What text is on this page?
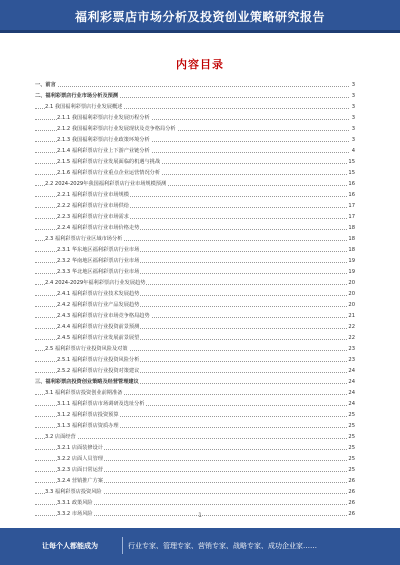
福利彩票店市场分析及投资创业策略研究报告
内容目录
一、前言	3
二、福利彩票店行业市场分析及预测	3
2.1 我国福利彩票店行业发展概述	3
2.1.1 我国福利彩票店行业发展历程分析	3
2.1.2 我国福利彩票店行业发展现状及竞争格局分析	3
2.1.3 我国福利彩票店行业政策环境分析	3
2.1.4 福利彩票店行业上下游产业链分析	4
2.1.5 福利彩票店行业发展面临的机遇与挑战	15
2.1.6 福利彩票店行业重点企业运营情况分析	15
2.2 2024-2029年我国福利彩票店行业市场规模预测	16
2.2.1 福利彩票店行业市场规模	16
2.2.2 福利彩票店行业市场供给	17
2.2.3 福利彩票店行业市场需求	17
2.2.4 福利彩票店行业市场价格走势	18
2.3 福利彩票店行业区域市场分析	18
2.3.1 华东地区福利彩票店行业市场	18
2.3.2 华南地区福利彩票店行业市场	19
2.3.3 华北地区福利彩票店行业市场	19
2.4 2024-2029年福利彩票店行业发展趋势	20
2.4.1 福利彩票店行业技术发展趋势	20
2.4.2 福利彩票店行业产品发展趋势	20
2.4.3 福利彩票店行业市场竞争格局趋势	21
2.4.4 福利彩票店行业投资前景预测	22
2.4.5 福利彩票店行业发展前景展望	22
2.5 福利彩票店行业投资风险及对策	23
2.5.1 福利彩票店行业投资风险分析	23
2.5.2 福利彩票店行业投资对策建议	24
三、福利彩票店投资创业策略及经营管理建议	24
3.1 福利彩票店投资创业前期准备	24
3.1.1 福利彩票店市场调研及选址分析	24
3.1.2 福利彩票店投资预算	25
3.1.3 福利彩票店资质办理	25
3.2 店面经营	25
3.2.1 店面装修设计	25
3.2.2 店面人员管理	25
3.2.3 店面日常运营	25
3.2.4 营销推广方案	26
3.3 福利彩票店投资风险	26
3.3.1 政策风险	26
3.3.2 市场风险	26
1
让每个人都能成为	行业专家、管理专家、营销专家、战略专家、成功企业家……
